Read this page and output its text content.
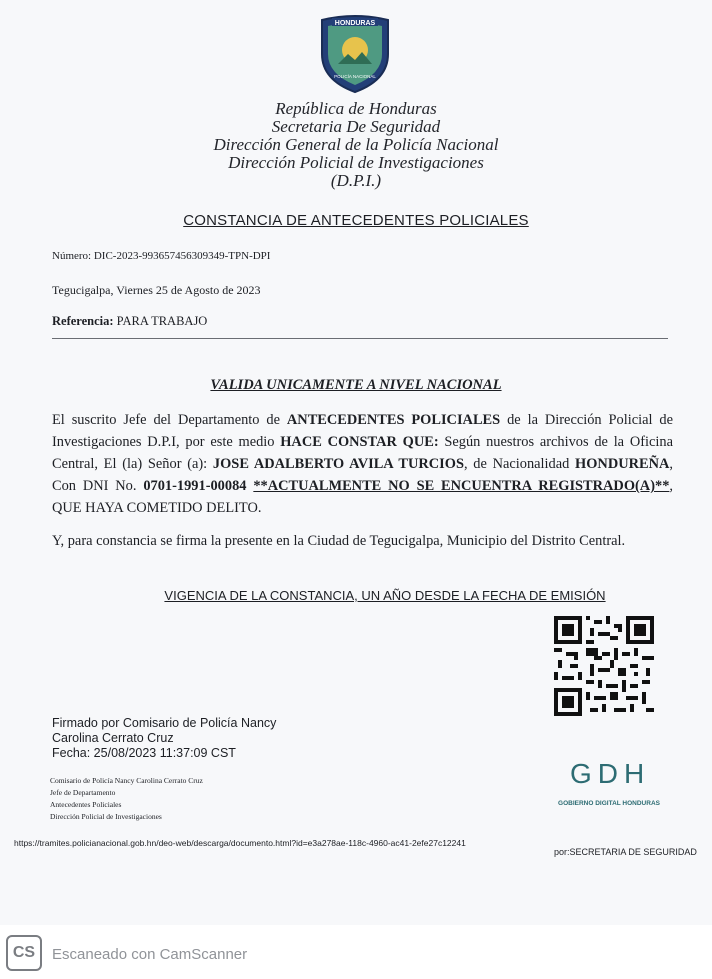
HONDURAS
POLICÍA NACIONAL
República de Honduras
Secretaria De Seguridad
Dirección General de la Policía Nacional
Dirección Policial de Investigaciones
(D.P.I.)
CONSTANCIA DE ANTECEDENTES POLICIALES
Número: DIC-2023-993657456309349-TPN-DPI
Tegucigalpa, Viernes 25 de Agosto de 2023
Referencia: PARA TRABAJO
VALIDA UNICAMENTE A NIVEL NACIONAL
El suscrito Jefe del Departamento de ANTECEDENTES POLICIALES de la Dirección Policial de Investigaciones D.P.I, por este medio HACE CONSTAR QUE: Según nuestros archivos de la Oficina Central, El (la) Señor (a): JOSE ADALBERTO AVILA TURCIOS, de Nacionalidad HONDUREÑA, Con DNI No. 0701-1991-00084 **ACTUALMENTE NO SE ENCUENTRA REGISTRADO(A)**, QUE HAYA COMETIDO DELITO.
Y, para constancia se firma la presente en la Ciudad de Tegucigalpa, Municipio del Distrito Central.
VIGENCIA DE LA CONSTANCIA, UN AÑO DESDE LA FECHA DE EMISIÓN
Firmado por Comisario de Policía Nancy
Carolina Cerrato Cruz
Fecha: 25/08/2023 11:37:09 CST
Comisario de Policía Nancy Carolina Cerrato Cruz
Jefe de Departamento
Antecedentes Policiales
Dirección Policial de Investigaciones
GDH
GOBIERNO DIGITAL HONDURAS
https://tramites.policianacional.gob.hn/deo-web/descarga/documento.html?id=e3a278ae-118c-4960-ac41-2efe27c12241
por:SECRETARIA DE SEGURIDAD
CS	Escaneado con CamScanner
